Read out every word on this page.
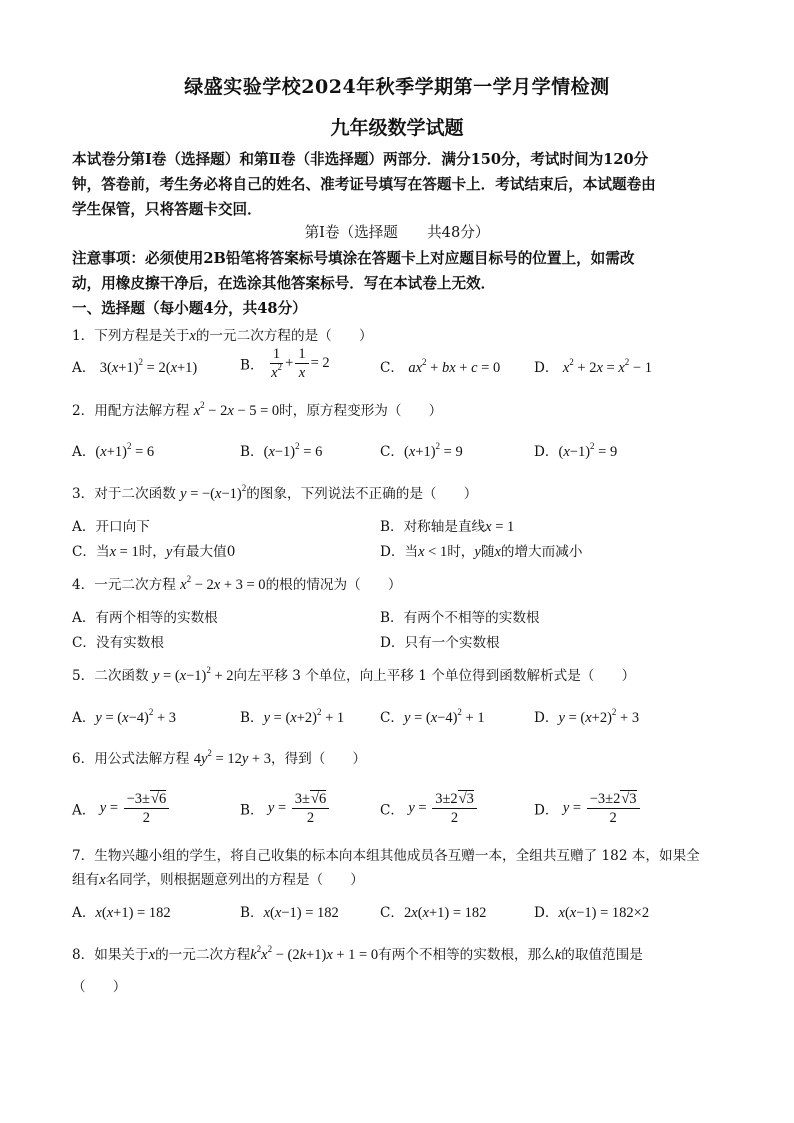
绿盛实验学校2024年秋季学期第一学月学情检测
九年级数学试题
本试卷分第Ⅰ卷（选择题）和第Ⅱ卷（非选择题）两部分．满分150分，考试时间为120分
钟，答卷前，考生务必将自己的姓名、准考证号填写在答题卡上．考试结束后，本试题卷由
学生保管，只将答题卡交回．
第Ⅰ卷（选择题　　共48分）
注意事项：必须使用2B铅笔将答案标号填涂在答题卡上对应题目标号的位置上，如需改
动，用橡皮擦干净后，在选涂其他答案标号．写在本试卷上无效．
一、选择题（每小题4分，共48分）
1．下列方程是关于x的一元二次方程的是（　　）
A． $3(x+1)^2 = 2(x+1)$	B． $\frac{1}{x^2} + \frac{1}{x} = 2$	C． $ax^2$ + bx + c = 0 D． $x^2 + 2x = x^2 - 1$
2．用配方法解方程 $x^2 - 2x - 5 = 0$时，原方程变形为（　　）
A．$(x+1)^2 = 6$	B．$(x-1)^2 = 6$	C．$(x+1)^2 = 9$	D．$(x-1)^2 = 9$
3．对于二次函数 $y = -(x-1)^2$的图象，下列说法不正确的是（　　）
A．开口向下	B．对称轴是直线x = 1
C．当x = 1时，y有最大值0	D．当x < 1时，y随x的增大而减小
4．一元二次方程 $x^2 - 2x + 3 = 0$的根的情况为（　　）
A．有两个相等的实数根	B．有两个不相等的实数根
C．没有实数根	D．只有一个实数根
5．二次函数 $y = (x-1)^2 + 2$向左平移 3 个单位，向上平移 1 个单位得到函数解析式是（　　）
A．$y = (x-4)^2 + 3$	B．$y = (x+2)^2 + 1$	C．$y = (x-4)^2 + 1$	D．$y = (x+2)^2 + 3$
6．用公式法解方程 $4y^2 = 12y + 3$，得到（　　）
A． $y = \frac{-3\pm√6}{2}$	B． $y = \frac{3\pm√6}{2}$	C． $y = \frac{3\pm 2√3}{2}$	D． $y = \frac{-3\pm 2√3}{2}$
7．生物兴趣小组的学生，将自己收集的标本向本组其他成员各互赠一本，全组共互赠了 182 本，如果全
组有x名同学，则根据题意列出的方程是（　　）
A．x(x+1) = 182	B．x(x−1) = 182	C．2x(x+1) = 182	D．x(x−1) = 182×2
8．如果关于x的一元二次方程$k^2x^2 - (2k+1)x + 1 = 0$有两个不相等的实数根，那么k的取值范围是
（　　）
